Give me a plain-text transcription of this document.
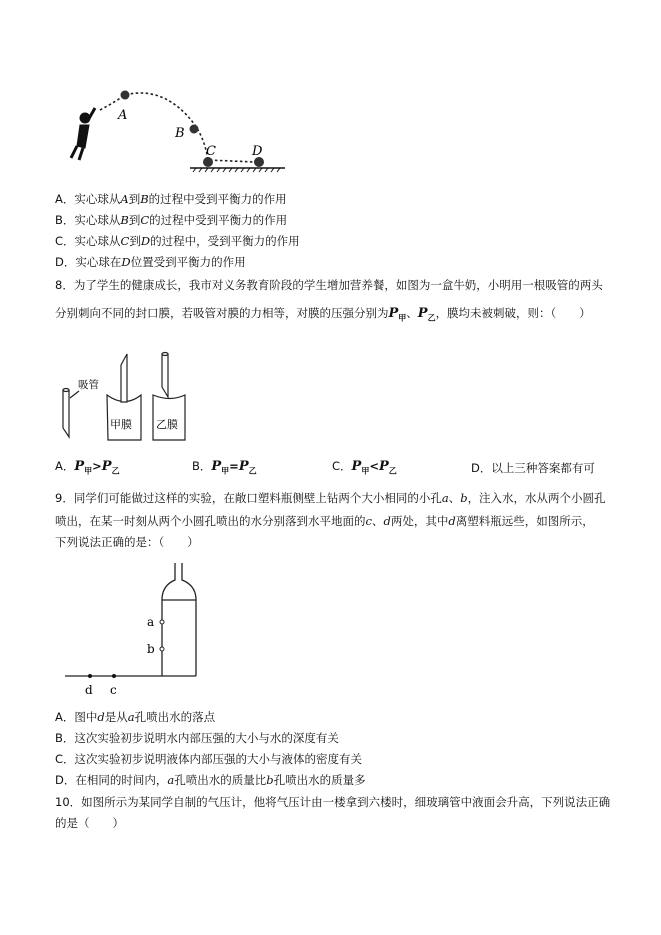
A
B
C	D
A．实心球从A到B的过程中受到平衡力的作用
B．实心球从B到C的过程中受到平衡力的作用
C．实心球从C到D的过程中，受到平衡力的作用
D．实心球在D位置受到平衡力的作用
8．为了学生的健康成长，我市对义务教育阶段的学生增加营养餐，如图为一盒牛奶，小明用一根吸管的两头
分别刺向不同的封口膜，若吸管对膜的力相等，对膜的压强分别为$P_甲$、$P_乙$，膜均未被刺破，则：（　　）
吸管
甲膜 乙膜
A．$P_甲>P_乙$	B．$P_甲=P_乙$	C．$P_甲<P_乙$	D．以上三种答案都有可
9．同学们可能做过这样的实验，在敞口塑料瓶侧壁上钻两个大小相同的小孔a、b，注入水，水从两个小圆孔
喷出，在某一时刻从两个小圆孔喷出的水分别落到水平地面的c、d两处，其中d离塑料瓶远些，如图所示，
下列说法正确的是：（　　）
a
b
d c
A．图中d是从a孔喷出水的落点
B．这次实验初步说明水内部压强的大小与水的深度有关
C．这次实验初步说明液体内部压强的大小与液体的密度有关
D．在相同的时间内，a孔喷出水的质量比b孔喷出水的质量多
10．如图所示为某同学自制的气压计，他将气压计由一楼拿到六楼时，细玻璃管中液面会升高，下列说法正确
的是（　　）
